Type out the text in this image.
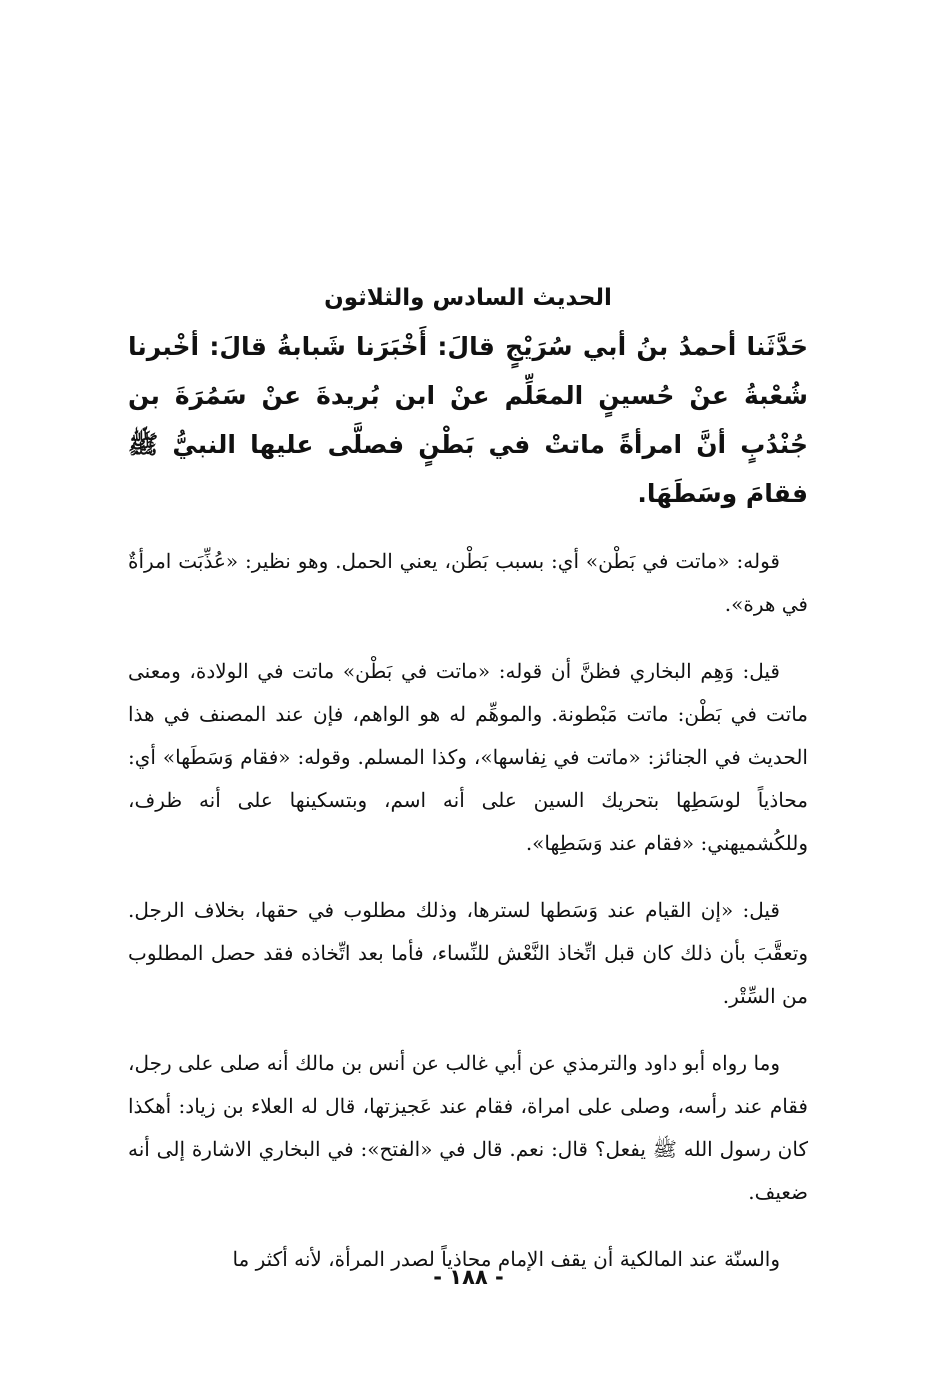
الحديث السادس والثلاثون
حَدَّثَنا أحمدُ بنُ أبي سُرَيْجٍ قالَ: أَخْبَرَنا شَبابةُ قالَ: أخْبرنا شُعْبةُ عنْ حُسينٍ المعَلِّم عنْ ابن بُريدةَ عنْ سَمُرَةَ بن جُنْدُبٍ أنَّ امرأةً ماتتْ في بَطْنٍ فصلَّى عليها النبيُّ ﷺ فقامَ وسَطَهَا.

قوله: «ماتت في بَطْن» أي: بسبب بَطْن، يعني الحمل. وهو نظير: «عُذِّبَت امرأةٌ في هرة».

قيل: وَهِم البخاري فظنَّ أن قوله: «ماتت في بَطْن» ماتت في الولادة، ومعنى ماتت في بَطْن: ماتت مَبْطونة. والموهِّم له هو الواهم، فإن عند المصنف في هذا الحديث في الجنائز: «ماتت في نِفاسها»، وكذا المسلم. وقوله: «فقام وَسَطَها» أي: محاذياً لوسَطِها بتحريك السين على أنه اسم، وبتسكينها على أنه ظرف، وللكُشميهني: «فقام عند وَسَطِها».

قيل: «إن القيام عند وَسَطها لسترها، وذلك مطلوب في حقها، بخلاف الرجل. وتعقَّبَ بأن ذلك كان قبل اتِّخاذ النَّعْش للنِّساء، فأما بعد اتِّخاذه فقد حصل المطلوب من السِّتْر.

وما رواه أبو داود والترمذي عن أبي غالب عن أنس بن مالك أنه صلى على رجل، فقام عند رأسه، وصلى على امراة، فقام عند عَجيزتها، قال له العلاء بن زياد: أهكذا كان رسول الله ﷺ يفعل؟ قال: نعم. قال في «الفتح»: في البخاري الاشارة إلى أنه ضعيف.

والسنّة عند المالكية أن يقف الإمام محاذياً لصدر المرأة، لأنه أكثر ما

- ١٨٨ -
